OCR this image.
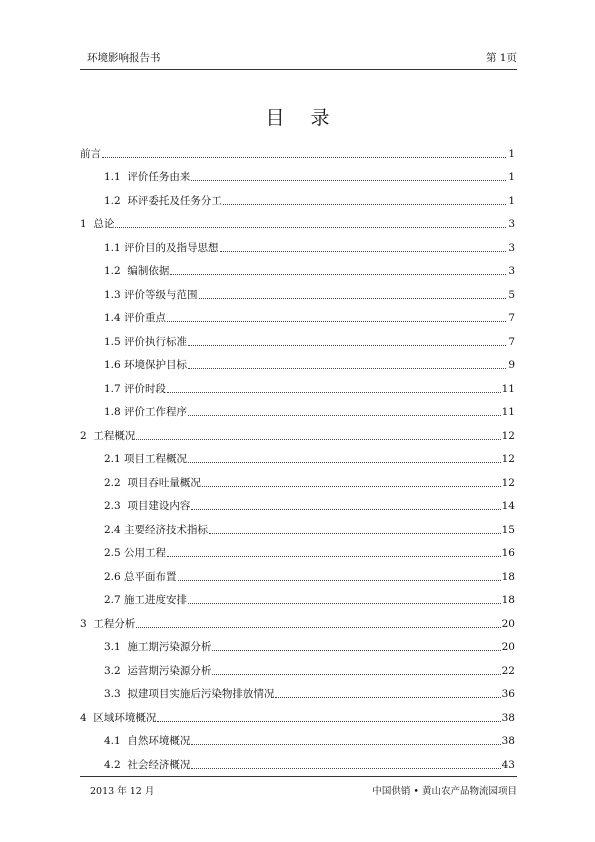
环境影响报告书	第 1页
目录
前言	1
1.1  评价任务由来	1
1.2  环评委托及任务分工	1
1  总论	3
1.1 评价目的及指导思想	3
1.2  编制依据	3
1.3 评价等级与范围	5
1.4 评价重点	7
1.5 评价执行标准	7
1.6 环境保护目标	9
1.7 评价时段	11
1.8 评价工作程序	11
2  工程概况	12
2.1 项目工程概况	12
2.2  项目吞吐量概况	12
2.3  项目建设内容	14
2.4 主要经济技术指标	15
2.5 公用工程	16
2.6 总平面布置	18
2.7 施工进度安排	18
3  工程分析	20
3.1  施工期污染源分析	20
3.2  运营期污染源分析	22
3.3  拟建项目实施后污染物排放情况	36
4  区域环境概况	38
4.1  自然环境概况	38
4.2  社会经济概况	43
2013 年 12 月	中国供销 • 黄山农产品物流园项目
